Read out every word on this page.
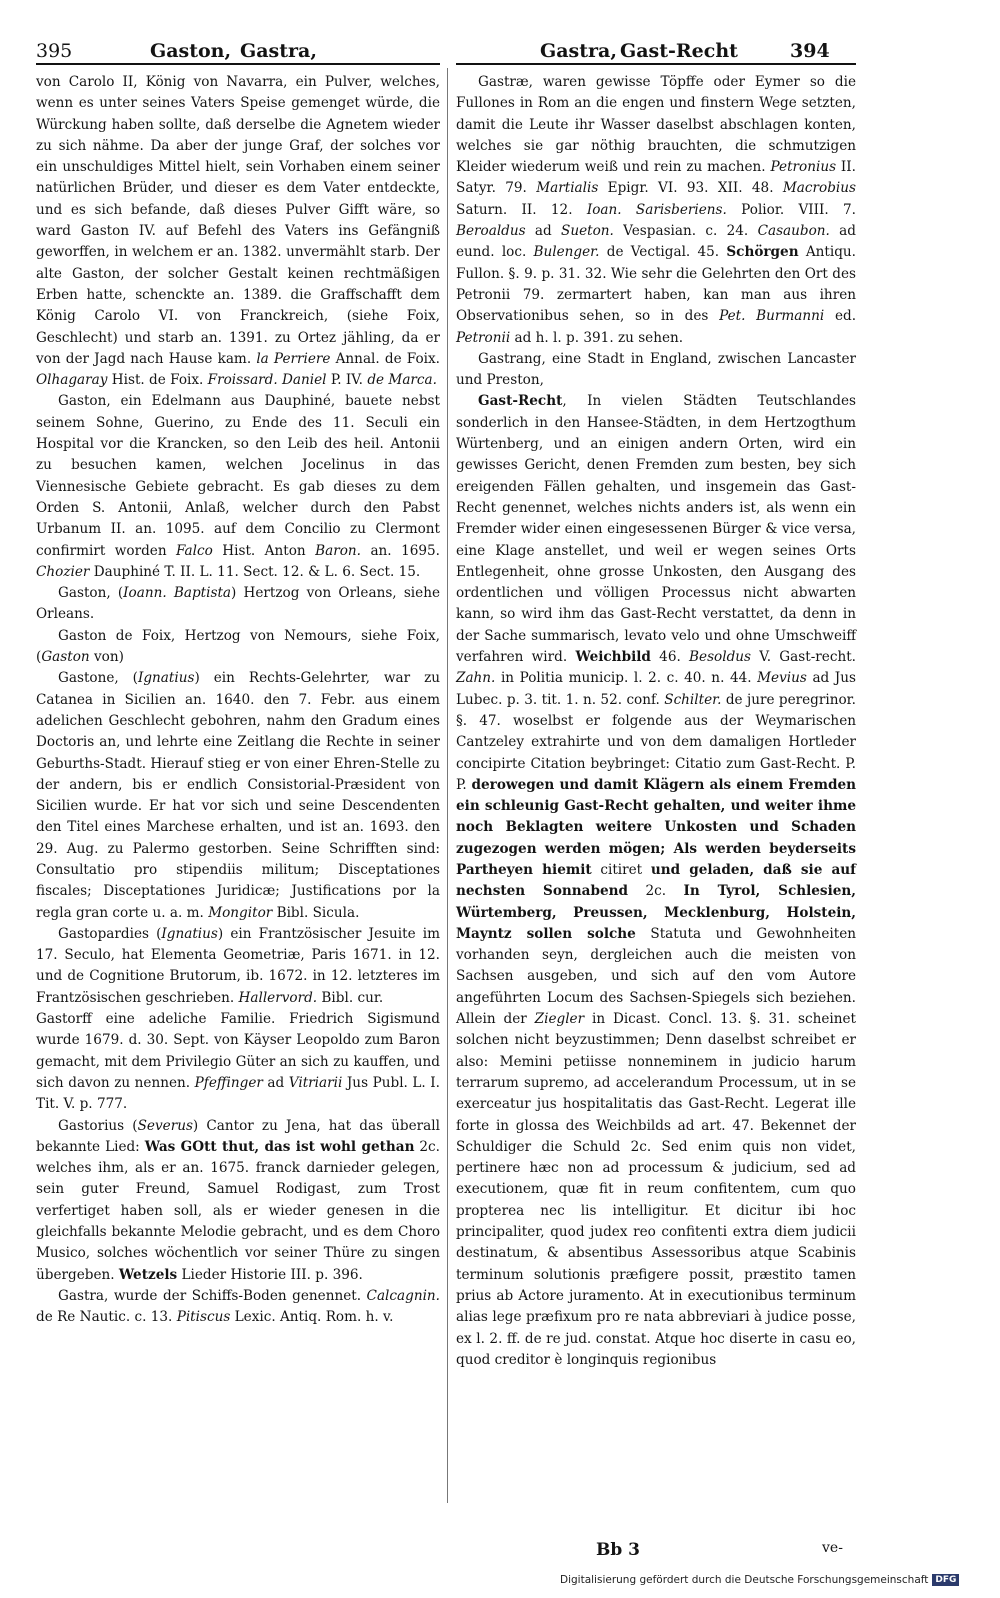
395	Gaston, Gastra,	Gastra, Gast-Recht	394

von Carolo II, König von Navarra, ein Pulver, welches, wenn es unter seines Vaters Speise gemenget würde, die Würckung haben sollte, daß derselbe die Agnetem wieder zu sich nähme. Da aber der junge Graf, der solches vor ein unschuldiges Mittel hielt, sein Vorhaben einem seiner natürlichen Brüder, und dieser es dem Vater entdeckte, und es sich befande, daß dieses Pulver Gifft wäre, so ward Gaston IV. auf Befehl des Vaters ins Gefängniß geworffen, in welchem er an. 1382. unvermählt starb. Der alte Gaston, der solcher Gestalt keinen rechtmäßigen Erben hatte, schenckte an. 1389. die Graffschafft dem König Carolo VI. von Franckreich, (siehe Foix, Geschlecht) und starb an. 1391. zu Ortez jähling, da er von der Jagd nach Hause kam. la Perriere Annal. de Foix. Olhagaray Hist. de Foix. Froissard. Daniel P. IV. de Marca.

Gaston, ein Edelmann aus Dauphiné, bauete nebst seinem Sohne, Guerino, zu Ende des 11. Seculi ein Hospital vor die Krancken, so den Leib des heil. Antonii zu besuchen kamen, welchen Jocelinus in das Viennesische Gebiete gebracht. Es gab dieses zu dem Orden S. Antonii, Anlaß, welcher durch den Pabst Urbanum II. an. 1095. auf dem Concilio zu Clermont confirmirt worden Falco Hist. Anton Baron. an. 1695. Chozier Dauphiné T. II. L. 11. Sect. 12. & L. 6. Sect. 15.

Gaston, (Ioann. Baptista) Hertzog von Orleans, siehe Orleans.

Gaston de Foix, Hertzog von Nemours, siehe Foix, (Gaston von)

Gastone, (Ignatius) ein Rechts-Gelehrter, war zu Catanea in Sicilien an. 1640. den 7. Febr. aus einem adelichen Geschlecht gebohren, nahm den Gradum eines Doctoris an, und lehrte eine Zeitlang die Rechte in seiner Geburths-Stadt. Hierauf stieg er von einer Ehren-Stelle zu der andern, bis er endlich Consistorial-Præsident von Sicilien wurde. Er hat vor sich und seine Descendenten den Titel eines Marchese erhalten, und ist an. 1693. den 29. Aug. zu Palermo gestorben. Seine Schrifften sind: Consultatio pro stipendiis militum; Disceptationes fiscales; Disceptationes Juridicæ; Justifications por la regla gran corte u. a. m. Mongitor Bibl. Sicula.

Gastopardies (Ignatius) ein Frantzösischer Jesuite im 17. Seculo, hat Elementa Geometriæ, Paris 1671. in 12. und de Cognitione Brutorum, ib. 1672. in 12. letzteres im Frantzösischen geschrieben. Hallervord. Bibl. cur.

Gastorff eine adeliche Familie. Friedrich Sigismund wurde 1679. d. 30. Sept. von Käyser Leopoldo zum Baron gemacht, mit dem Privilegio Güter an sich zu kauffen, und sich davon zu nennen. Pfeffinger ad Vitriarii Jus Publ. L. I. Tit. V. p. 777.

Gastorius (Severus) Cantor zu Jena, hat das überall bekannte Lied: Was GOtt thut, das ist wohl gethan 2c. welches ihm, als er an. 1675. franck darnieder gelegen, sein guter Freund, Samuel Rodigast, zum Trost verfertiget haben soll, als er wieder genesen in die gleichfalls bekannte Melodie gebracht, und es dem Choro Musico, solches wöchentlich vor seiner Thüre zu singen übergeben. Wetzels Lieder Historie III. p. 396.

Gastra, wurde der Schiffs-Boden genennet. Calcagnin. de Re Nautic. c. 13. Pitiscus Lexic. Antiq. Rom. h. v.

Gastræ, waren gewisse Töpffe oder Eymer so die Fullones in Rom an die engen und finstern Wege setzten, damit die Leute ihr Wasser daselbst abschlagen konten, welches sie gar nöthig brauchten, die schmutzigen Kleider wiederum weiß und rein zu machen. Petronius II. Satyr. 79. Martialis Epigr. VI. 93. XII. 48. Macrobius Saturn. II. 12. Ioan. Sarisberiens. Polior. VIII. 7. Beroaldus ad Sueton. Vespasian. c. 24. Casaubon. ad eund. loc. Bulenger. de Vectigal. 45. Schörgen Antiqu. Fullon. §. 9. p. 31. 32. Wie sehr die Gelehrten den Ort des Petronii 79. zermartert haben, kan man aus ihren Observationibus sehen, so in des Pet. Burmanni ed. Petronii ad h. l. p. 391. zu sehen.

Gastrang, eine Stadt in England, zwischen Lancaster und Preston,

Gast-Recht, In vielen Städten Teutschlandes sonderlich in den Hansee-Städten, in dem Hertzogthum Würtenberg, und an einigen andern Orten, wird ein gewisses Gericht, denen Fremden zum besten, bey sich ereigenden Fällen gehalten, und insgemein das Gast-Recht genennet, welches nichts anders ist, als wenn ein Fremder wider einen eingesessenen Bürger & vice versa, eine Klage anstellet, und weil er wegen seines Orts Entlegenheit, ohne grosse Unkosten, den Ausgang des ordentlichen und völligen Processus nicht abwarten kann, so wird ihm das Gast-Recht verstattet, da denn in der Sache summarisch, levato velo und ohne Umschweiff verfahren wird. Weichbild 46. Besoldus V. Gast-recht. Zahn. in Politia municip. l. 2. c. 40. n. 44. Mevius ad Jus Lubec. p. 3. tit. 1. n. 52. conf. Schilter. de jure peregrinor. §. 47. woselbst er folgende aus der Weymarischen Cantzeley extrahirte und von dem damaligen Hortleder concipirte Citation beybringet: Citatio zum Gast-Recht. P. P. derowegen und damit Klägern als einem Fremden ein schleunig Gast-Recht gehalten, und weiter ihme noch Beklagten weitere Unkosten und Schaden zugezogen werden mögen; Als werden beyderseits Partheyen hiemit citiret und geladen, daß sie auf nechsten Sonnabend 2c. In Tyrol, Schlesien, Würtemberg, Preussen, Mecklenburg, Holstein, Mayntz sollen solche Statuta und Gewohnheiten vorhanden seyn, dergleichen auch die meisten von Sachsen ausgeben, und sich auf den vom Autore angeführten Locum des Sachsen-Spiegels sich beziehen. Allein der Ziegler in Dicast. Concl. 13. §. 31. scheinet solchen nicht beyzustimmen; Denn daselbst schreibet er also: Memini petiisse nonneminem in judicio harum terrarum supremo, ad accelerandum Processum, ut in se exerceatur jus hospitalitatis das Gast-Recht. Legerat ille forte in glossa des Weichbilds ad art. 47. Bekennet der Schuldiger die Schuld 2c. Sed enim quis non videt, pertinere hæc non ad processum & judicium, sed ad executionem, quæ fit in reum confitentem, cum quo propterea nec lis intelligitur. Et dicitur ibi hoc principaliter, quod judex reo confitenti extra diem judicii destinatum, & absentibus Assessoribus atque Scabinis terminum solutionis præfigere possit, præstito tamen prius ab Actore juramento. At in executionibus terminum alias lege præfixum pro re nata abbreviari à judice posse, ex l. 2. ff. de re jud. constat. Atque hoc diserte in casu eo, quod creditor è longinquis regionibus

Bb 3	ve-
Digitalisierung gefördert durch die Deutsche Forschungsgemeinschaft DFG
